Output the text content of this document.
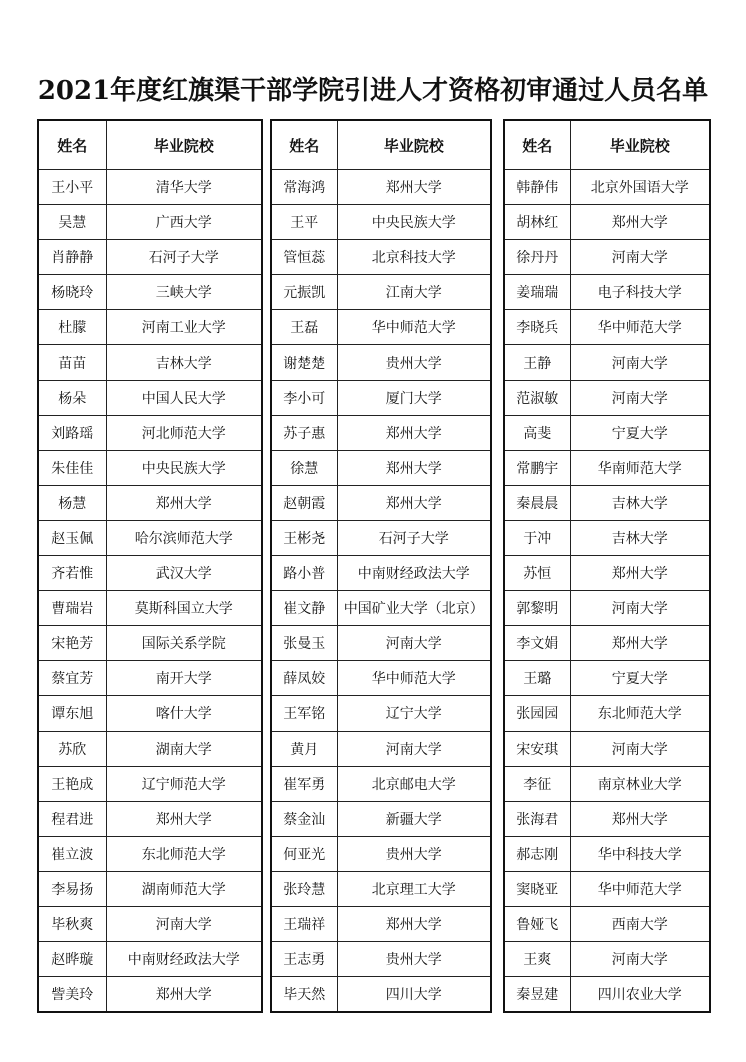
2021年度红旗渠干部学院引进人才资格初审通过人员名单
姓名	毕业院校
王小平	清华大学
吴慧	广西大学
肖静静	石河子大学
杨晓玲	三峡大学
杜朦	河南工业大学
苗苗	吉林大学
杨朵	中国人民大学
刘路瑶	河北师范大学
朱佳佳	中央民族大学
杨慧	郑州大学
赵玉佩	哈尔滨师范大学
齐若惟	武汉大学
曹瑞岩	莫斯科国立大学
宋艳芳	国际关系学院
蔡宜芳	南开大学
谭东旭	喀什大学
苏欣	湖南大学
王艳成	辽宁师范大学
程君进	郑州大学
崔立波	东北师范大学
李易扬	湖南师范大学
毕秋爽	河南大学
赵晔璇	中南财经政法大学
訾美玲	郑州大学
姓名	毕业院校
常海鸿	郑州大学
王平	中央民族大学
管恒蕊	北京科技大学
元振凯	江南大学
王磊	华中师范大学
谢楚楚	贵州大学
李小可	厦门大学
苏子惠	郑州大学
徐慧	郑州大学
赵朝霞	郑州大学
王彬尧	石河子大学
路小普	中南财经政法大学
崔文静	中国矿业大学（北京）
张曼玉	河南大学
薛凤姣	华中师范大学
王军铭	辽宁大学
黄月	河南大学
崔军勇	北京邮电大学
蔡金汕	新疆大学
何亚光	贵州大学
张玲慧	北京理工大学
王瑞祥	郑州大学
王志勇	贵州大学
毕天然	四川大学
姓名	毕业院校
韩静伟	北京外国语大学
胡林红	郑州大学
徐丹丹	河南大学
姜瑞瑞	电子科技大学
李晓兵	华中师范大学
王静	河南大学
范淑敏	河南大学
高斐	宁夏大学
常鹏宇	华南师范大学
秦晨晨	吉林大学
于冲	吉林大学
苏恒	郑州大学
郭黎明	河南大学
李文娟	郑州大学
王璐	宁夏大学
张园园	东北师范大学
宋安琪	河南大学
李征	南京林业大学
张海君	郑州大学
郝志刚	华中科技大学
窦晓亚	华中师范大学
鲁娅飞	西南大学
王爽	河南大学
秦昱建	四川农业大学
